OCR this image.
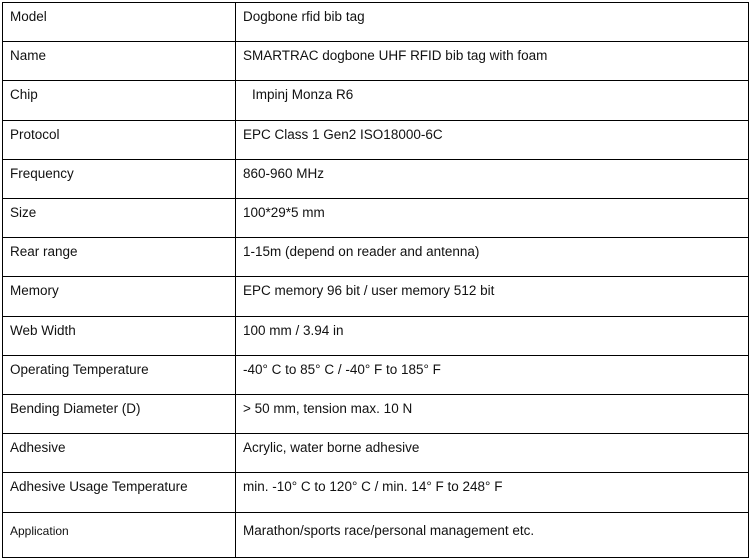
Model	Dogbone rfid bib tag
Name	SMARTRAC dogbone UHF RFID bib tag with foam
Chip	Impinj Monza R6
Protocol	EPC Class 1 Gen2 ISO18000-6C
Frequency	860-960 MHz
Size	100*29*5 mm
Rear range	1-15m (depend on reader and antenna)
Memory	EPC memory 96 bit / user memory 512 bit
Web Width	100 mm / 3.94 in
Operating Temperature	-40° C to 85° C / -40° F to 185° F
Bending Diameter (D)	> 50 mm, tension max. 10 N
Adhesive	Acrylic, water borne adhesive
Adhesive Usage Temperature	min. -10° C to 120° C / min. 14° F to 248° F
Application	Marathon/sports race/personal management etc.
